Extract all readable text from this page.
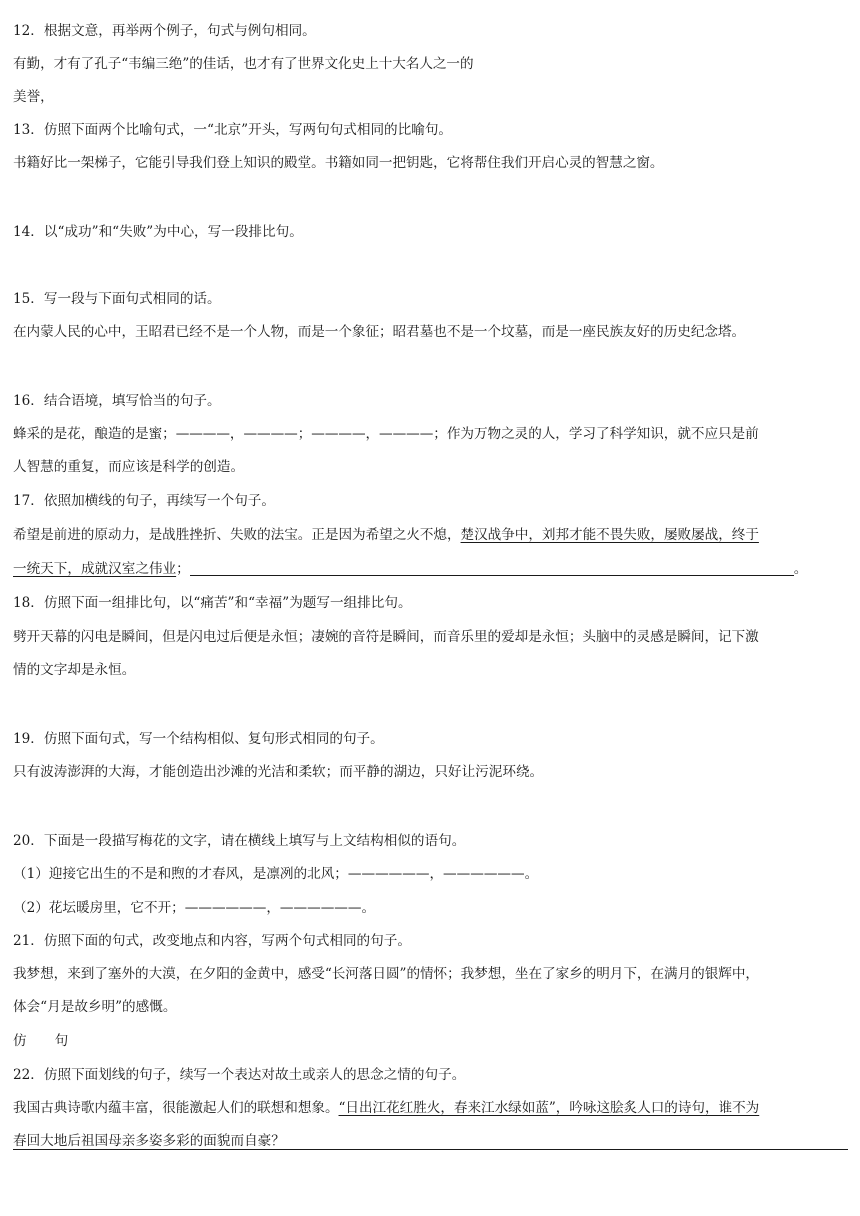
12．根据文意，再举两个例子，句式与例句相同。
有勤，才有了孔子“韦编三绝”的佳话，也才有了世界文化史上十大名人之一的
美誉，
13．仿照下面两个比喻句式，一“北京”开头，写两句句式相同的比喻句。
书籍好比一架梯子，它能引导我们登上知识的殿堂。书籍如同一把钥匙，它将帮住我们开启心灵的智慧之窗。
14．以“成功”和“失败”为中心，写一段排比句。
15．写一段与下面句式相同的话。
在内蒙人民的心中，王昭君已经不是一个人物，而是一个象征；昭君墓也不是一个坟墓，而是一座民族友好的历史纪念塔。
16．结合语境，填写恰当的句子。
蜂采的是花，酿造的是蜜；————，————；————，————；作为万物之灵的人，学习了科学知识，就不应只是前
人智慧的重复，而应该是科学的创造。
17．依照加横线的句子，再续写一个句子。
希望是前进的原动力，是战胜挫折、失败的法宝。正是因为希望之火不熄，楚汉战争中，刘邦才能不畏失败，屡败屡战，终于
一统天下，成就汉室之伟业；	。
18．仿照下面一组排比句，以“痛苦”和“幸福”为题写一组排比句。
劈开天幕的闪电是瞬间，但是闪电过后便是永恒；凄婉的音符是瞬间，而音乐里的爱却是永恒；头脑中的灵感是瞬间，记下激
情的文字却是永恒。
19．仿照下面句式，写一个结构相似、复句形式相同的句子。
只有波涛澎湃的大海，才能创造出沙滩的光洁和柔软；而平静的湖边，只好让污泥环绕。
20．下面是一段描写梅花的文字，请在横线上填写与上文结构相似的语句。
（1）迎接它出生的不是和煦的才春风，是凛冽的北风；——————，——————。
（2）花坛暖房里，它不开；——————，——————。
21．仿照下面的句式，改变地点和内容，写两个句式相同的句子。
我梦想，来到了塞外的大漠，在夕阳的金黄中，感受“长河落日圆”的情怀；我梦想，坐在了家乡的明月下，在满月的银辉中，
体会“月是故乡明”的感慨。
仿 句
22．仿照下面划线的句子，续写一个表达对故土或亲人的思念之情的句子。
我国古典诗歌内蕴丰富，很能激起人们的联想和想象。“日出江花红胜火，春来江水绿如蓝”，吟咏这脍炙人口的诗句，谁不为
春回大地后祖国母亲多姿多彩的面貌而自豪？
